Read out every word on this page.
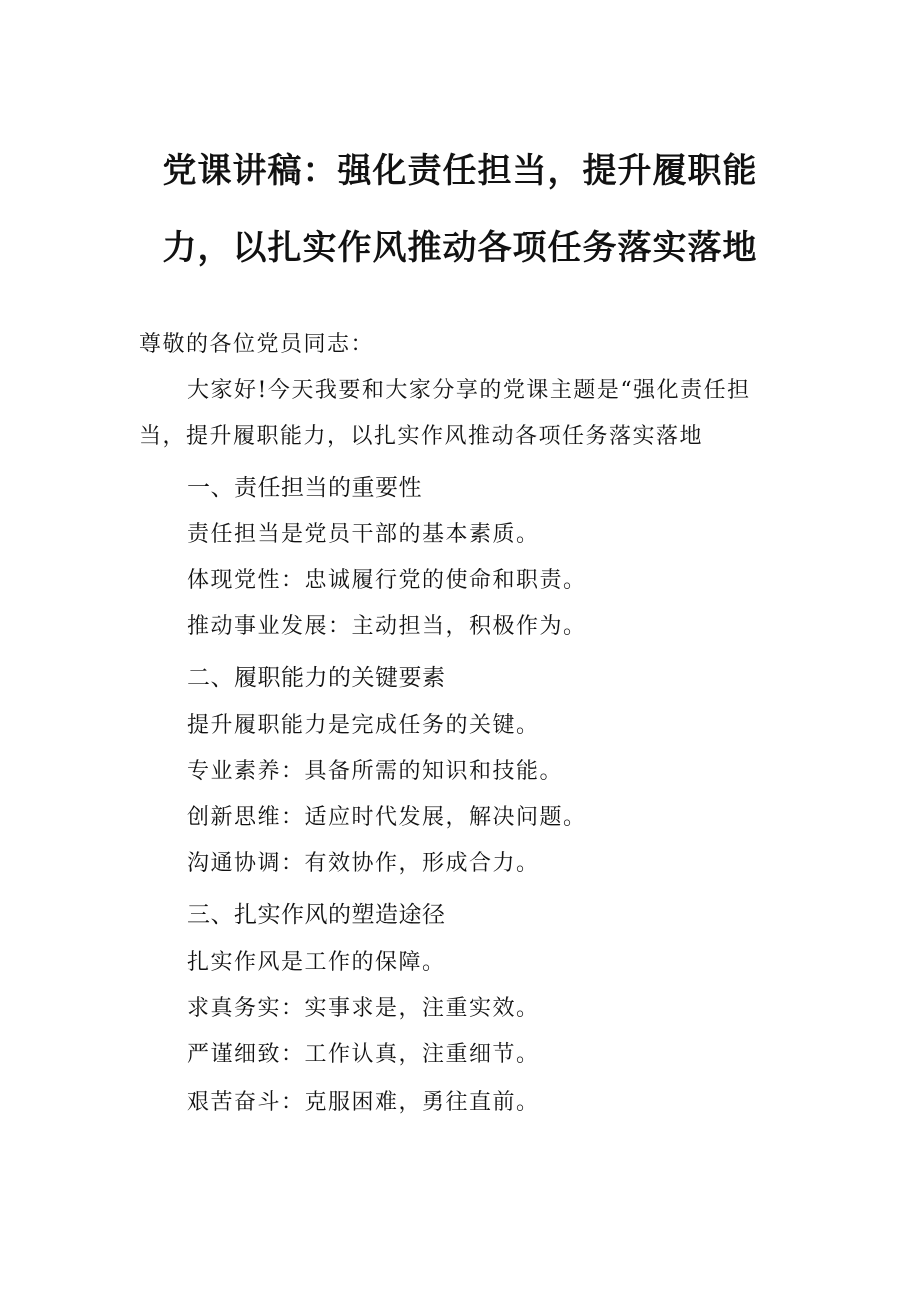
党课讲稿：强化责任担当，提升履职能
力，以扎实作风推动各项任务落实落地
尊敬的各位党员同志：
大家好!今天我要和大家分享的党课主题是“强化责任担
当，提升履职能力，以扎实作风推动各项任务落实落地
一、责任担当的重要性
责任担当是党员干部的基本素质。
体现党性：忠诚履行党的使命和职责。
推动事业发展：主动担当，积极作为。
二、履职能力的关键要素
提升履职能力是完成任务的关键。
专业素养：具备所需的知识和技能。
创新思维：适应时代发展，解决问题。
沟通协调：有效协作，形成合力。
三、扎实作风的塑造途径
扎实作风是工作的保障。
求真务实：实事求是，注重实效。
严谨细致：工作认真，注重细节。
艰苦奋斗：克服困难，勇往直前。
